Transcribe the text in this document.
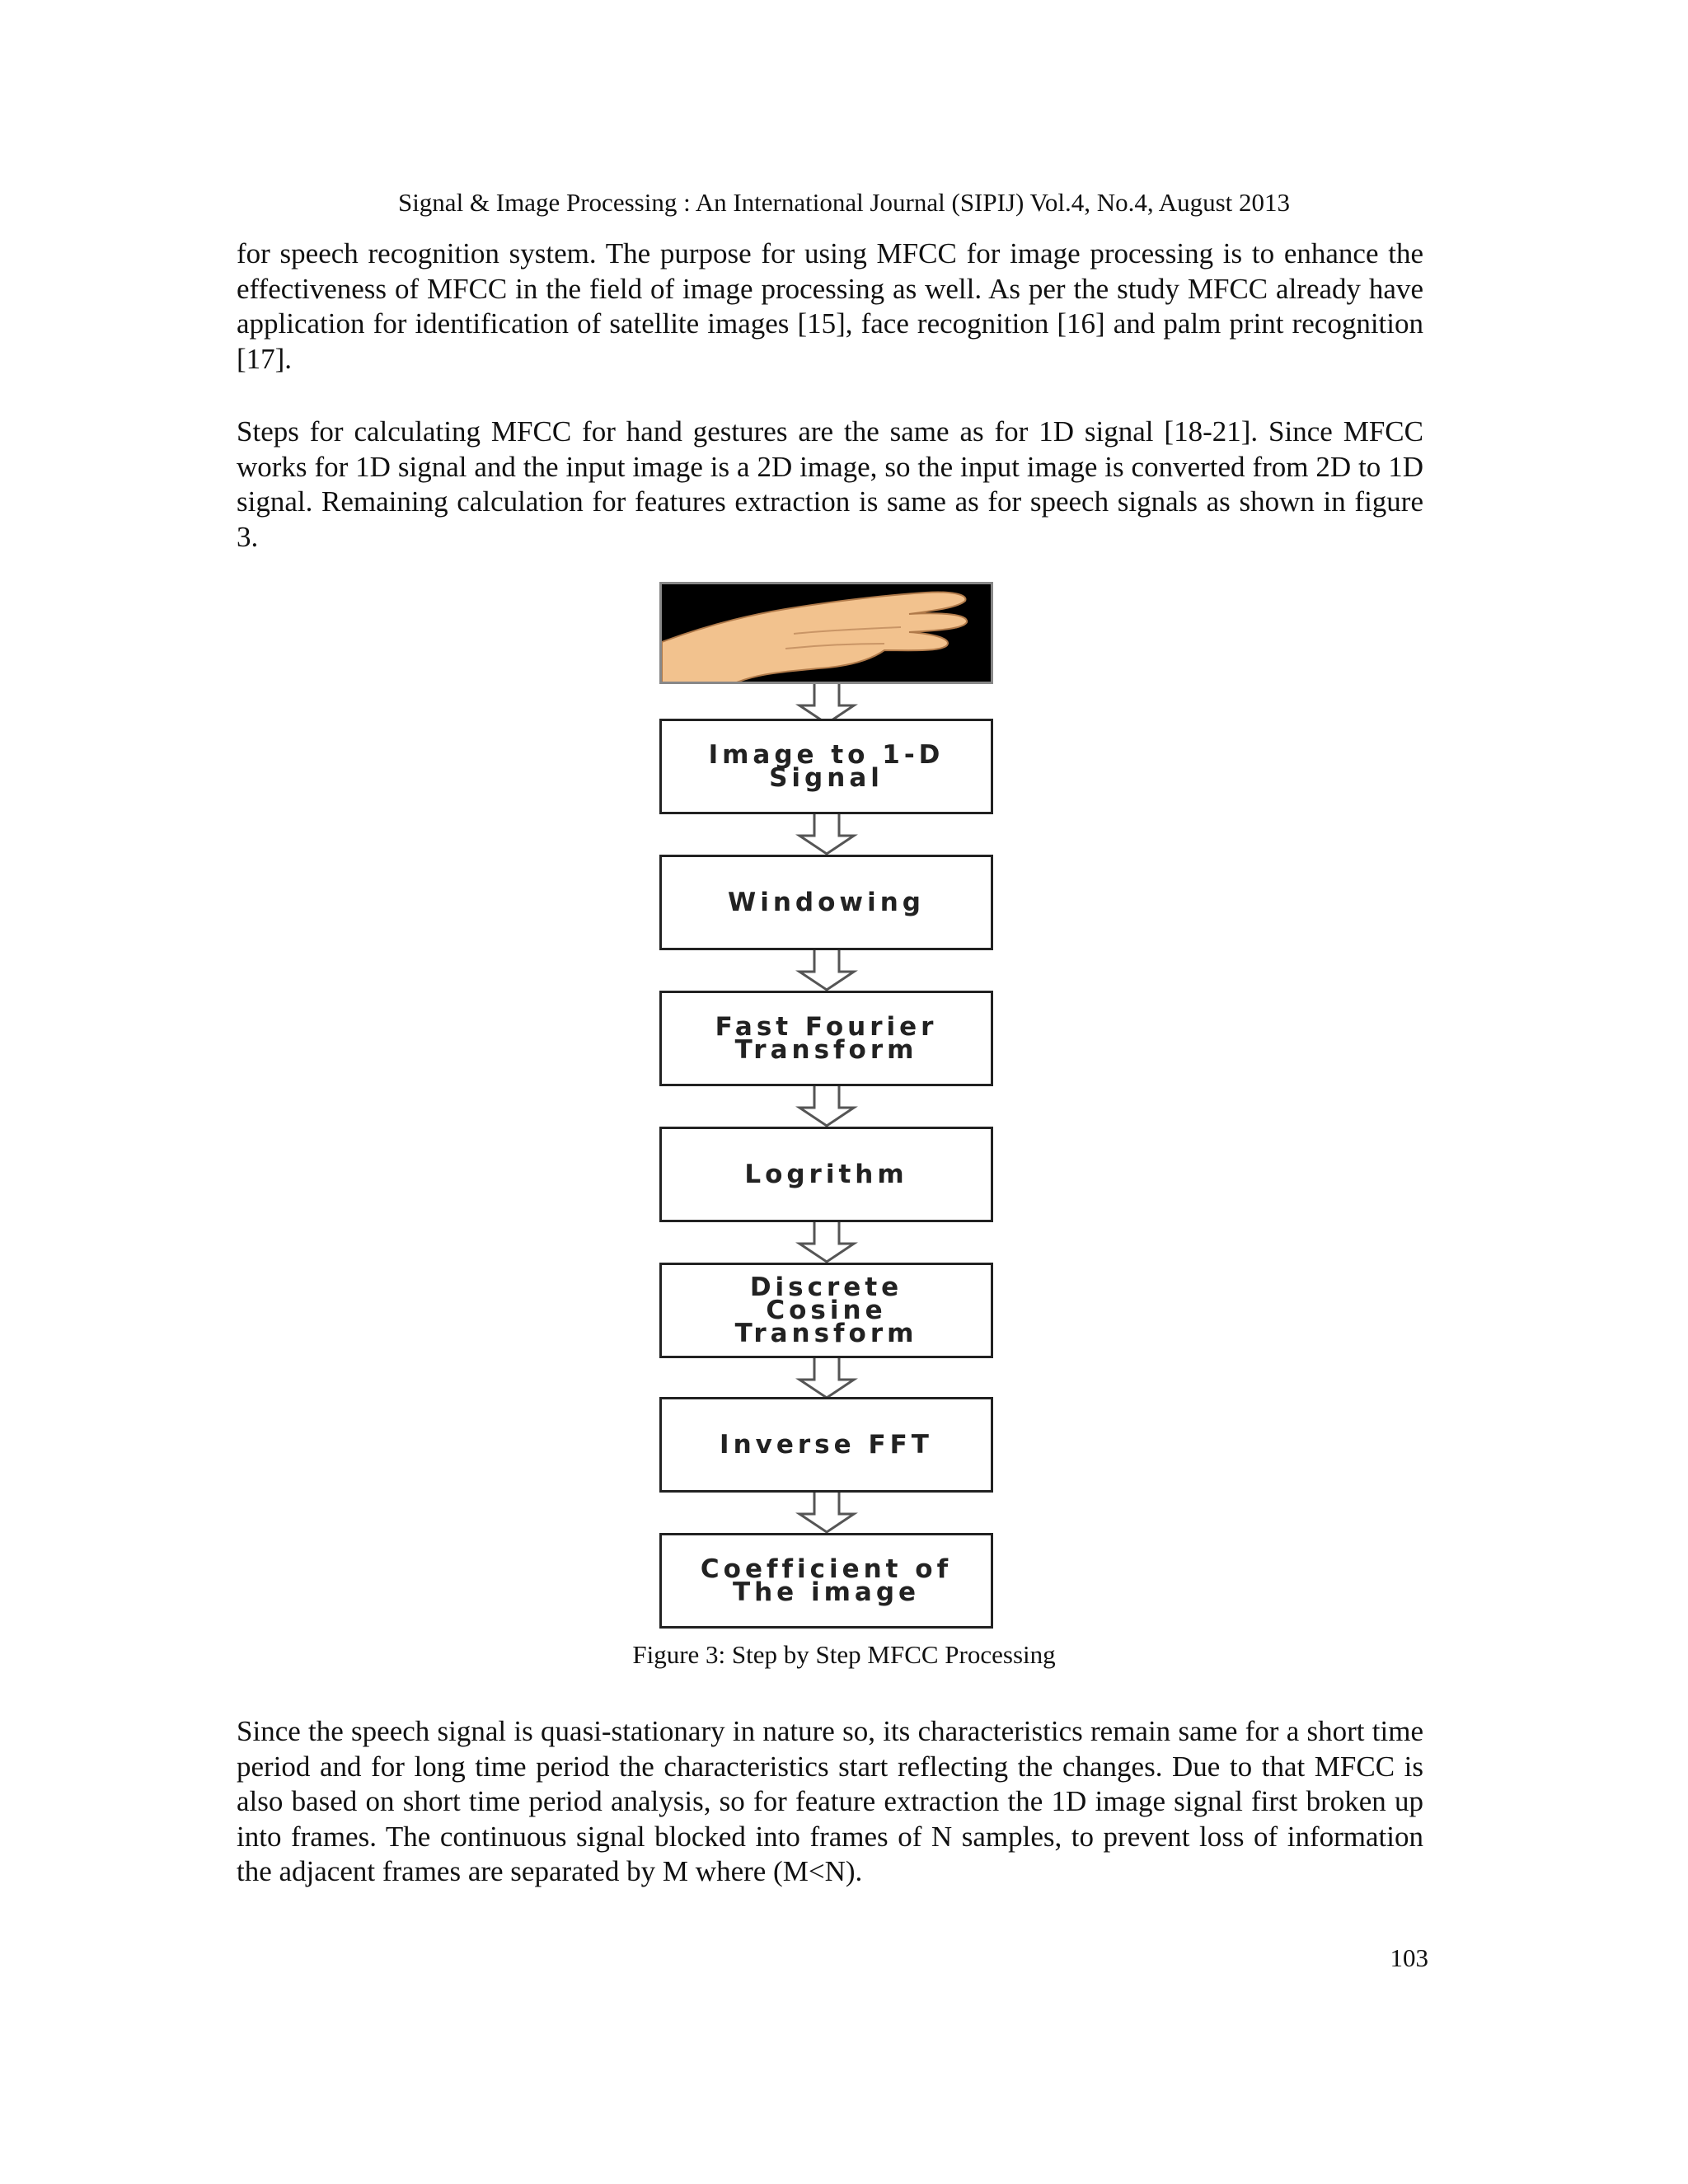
Signal & Image Processing : An International Journal (SIPIJ) Vol.4, No.4, August 2013

for speech recognition system. The purpose for using MFCC for image processing is to enhance the effectiveness of MFCC in the field of image processing as well. As per the study MFCC already have application for identification of satellite images [15], face recognition [16] and palm print recognition [17].

Steps for calculating MFCC for hand gestures are the same as for 1D signal [18-21]. Since MFCC works for 1D signal and the input image is a 2D image, so the input image is converted from 2D to 1D signal. Remaining calculation for features extraction is same as for speech signals as shown in figure 3.

Image to 1-D
Signal
Windowing
Fast Fourier
Transform
Logrithm
Discrete
Cosine
Transform
Inverse FFT
Coefficient of
The image
Figure 3: Step by Step MFCC Processing

Since the speech signal is quasi-stationary in nature so, its characteristics remain same for a short time period and for long time period the characteristics start reflecting the changes. Due to that MFCC is also based on short time period analysis, so for feature extraction the 1D image signal first broken up into frames. The continuous signal blocked into frames of N samples, to prevent loss of information the adjacent frames are separated by M where (M<N).

103
